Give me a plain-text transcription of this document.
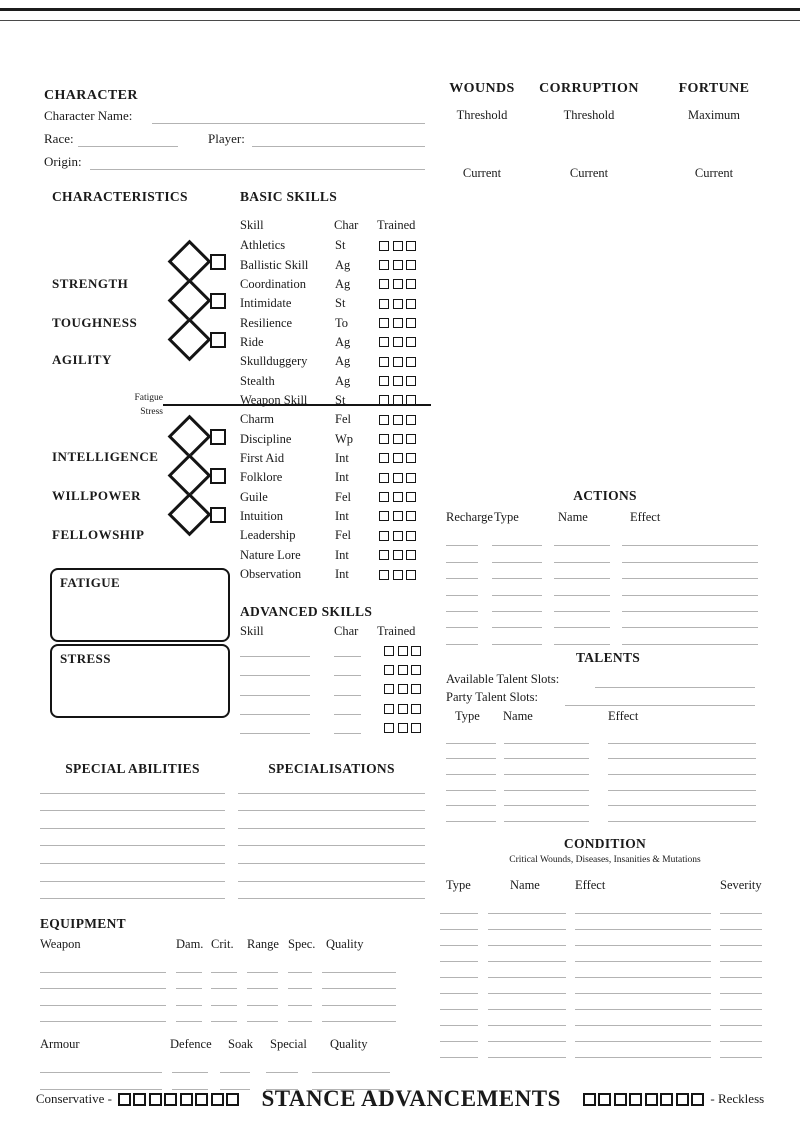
CHARACTER
Character Name:
Race:	Player:
Origin:
WOUNDS
Threshold
Current
CORRUPTION
Threshold
Current
FORTUNE
Maximum
Current
CHARACTERISTICS
STRENGTH
TOUGHNESS
AGILITY
INTELLIGENCE
WILLPOWER
FELLOWSHIP
Fatigue
Stress
BASIC SKILLS
Skill	Char Trained
Athletics	St
Ballistic Skill	Ag
Coordination	Ag
Intimidate	St
Resilience	To
Ride	Ag
Skullduggery	Ag
Stealth	Ag
Weapon Skill	St
Charm	Fel
Discipline	Wp
First Aid	Int
Folklore	Int
Guile	Fel
Intuition	Int
Leadership	Fel
Nature Lore	Int
Observation	Int
FATIGUE
STRESS
ADVANCED SKILLS
Skill	Char Trained
ACTIONS
Recharge Type	Name	Effect
TALENTS
Available Talent Slots:
Party Talent Slots:
Type Name	Effect
SPECIAL ABILITIES	SPECIALISATIONS
CONDITION
Critical Wounds, Diseases, Insanities & Mutations
Type	Name	Effect	Severity
EQUIPMENT
Weapon	Dam. Crit. Range Spec. Quality
Armour	Defence Soak Special Quality
Conservative -	STANCE ADVANCEMENTS	- Reckless
